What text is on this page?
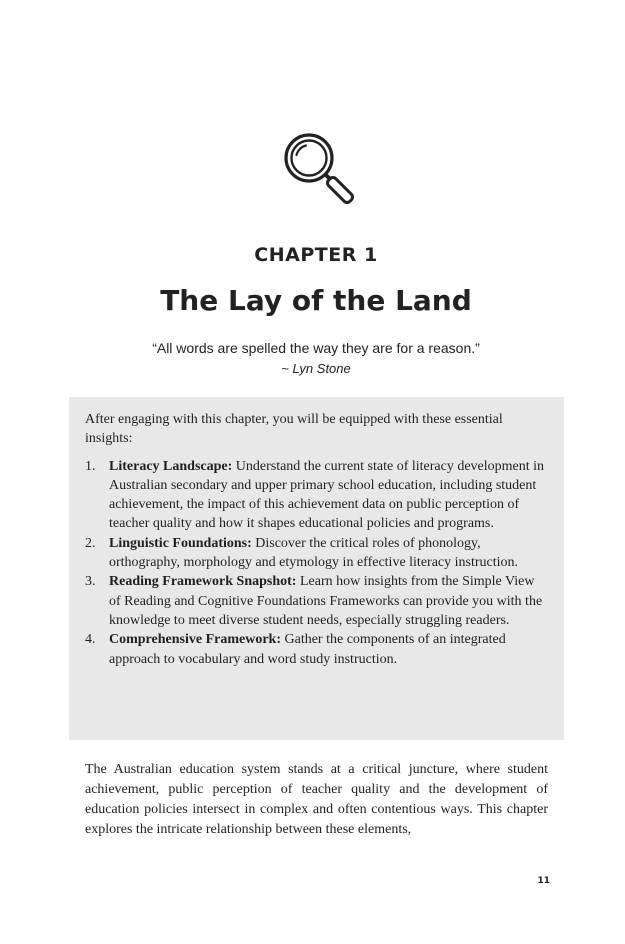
CHAPTER 1
The Lay of the Land
“All words are spelled the way they are for a reason.”
~ Lyn Stone

After engaging with this chapter, you will be equipped with these essential insights:

1. Literacy Landscape: Understand the current state of literacy development in Australian secondary and upper primary school education, including student achievement, the impact of this achievement data on public perception of teacher quality and how it shapes educational policies and programs.
2. Linguistic Foundations: Discover the critical roles of phonology, orthography, morphology and etymology in effective literacy instruction.
3. Reading Framework Snapshot: Learn how insights from the Simple View of Reading and Cognitive Foundations Frameworks can provide you with the knowledge to meet diverse student needs, especially struggling readers.
4. Comprehensive Framework: Gather the components of an integrated approach to vocabulary and word study instruction.

The Australian education system stands at a critical juncture, where student achievement, public perception of teacher quality and the development of education policies intersect in complex and often contentious ways. This chapter explores the intricate relationship between these elements,

11
